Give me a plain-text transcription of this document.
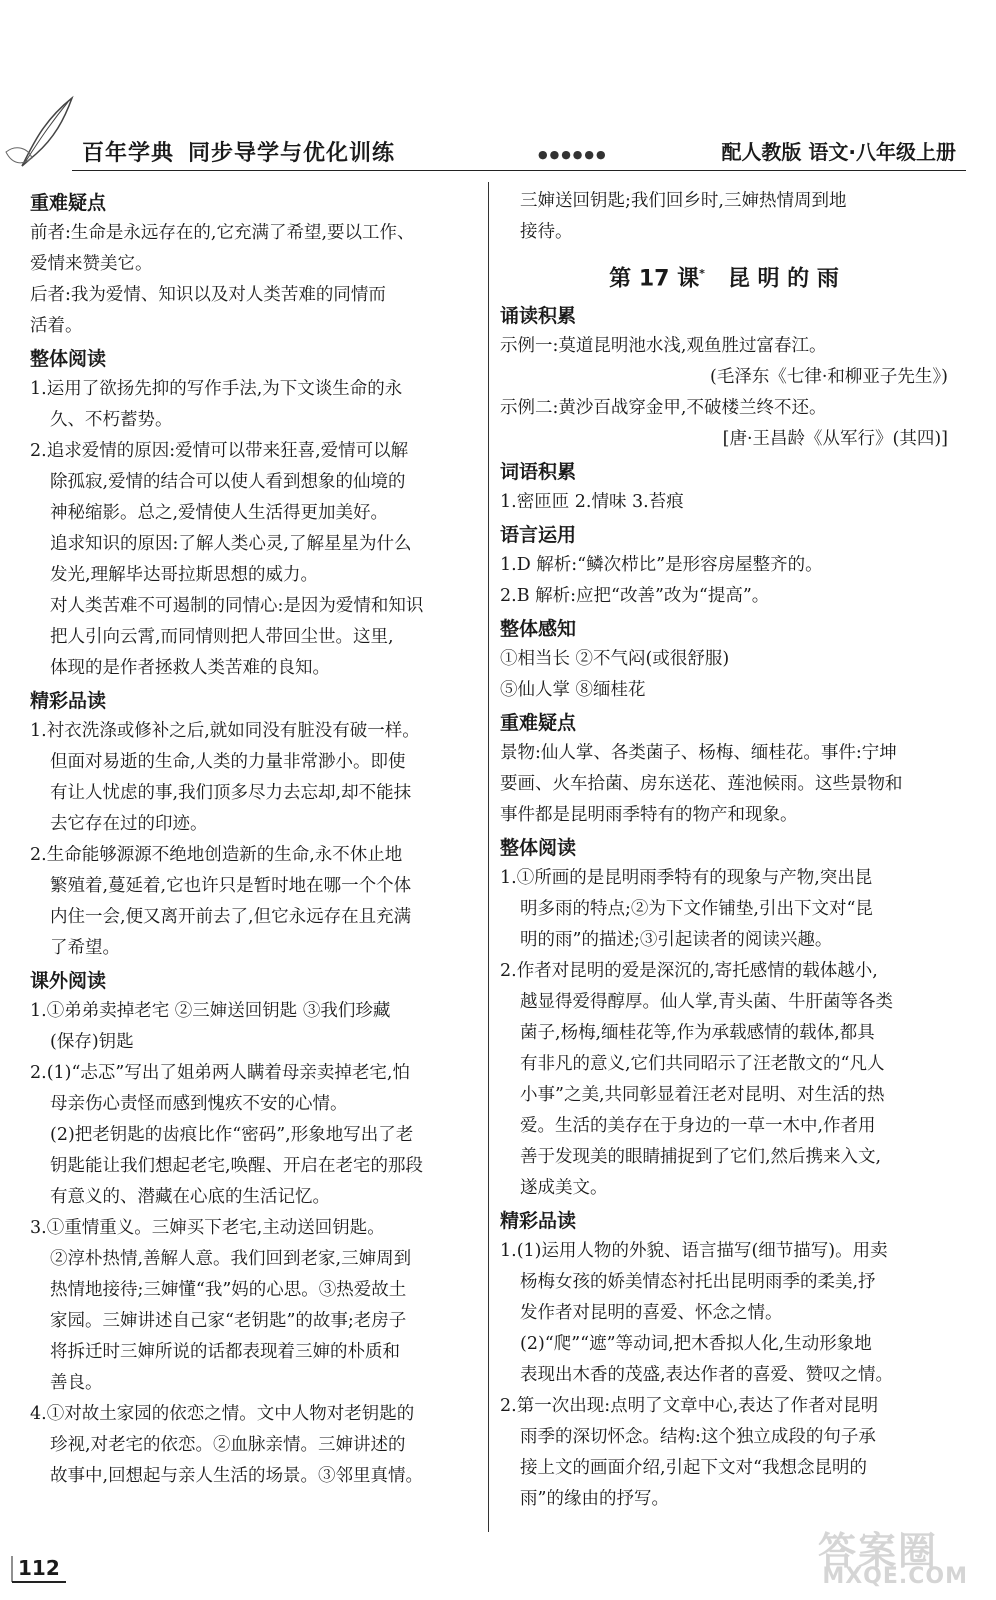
百年学典 同步导学与优化训练	●●●●●●	配人教版 语文·八年级上册
重难疑点
前者:生命是永远存在的,它充满了希望,要以工作、
爱情来赞美它。
后者:我为爱情、知识以及对人类苦难的同情而
活着。
整体阅读
1.运用了欲扬先抑的写作手法,为下文谈生命的永
久、不朽蓄势。
2.追求爱情的原因:爱情可以带来狂喜,爱情可以解
除孤寂,爱情的结合可以使人看到想象的仙境的
神秘缩影。总之,爱情使人生活得更加美好。
追求知识的原因:了解人类心灵,了解星星为什么
发光,理解毕达哥拉斯思想的威力。
对人类苦难不可遏制的同情心:是因为爱情和知识
把人引向云霄,而同情则把人带回尘世。这里,
体现的是作者拯救人类苦难的良知。
精彩品读
1.衬衣洗涤或修补之后,就如同没有脏没有破一样。
但面对易逝的生命,人类的力量非常渺小。即使
有让人忧虑的事,我们顶多尽力去忘却,却不能抹
去它存在过的印迹。
2.生命能够源源不绝地创造新的生命,永不休止地
繁殖着,蔓延着,它也许只是暂时地在哪一个个体
内住一会,便又离开前去了,但它永远存在且充满
了希望。
课外阅读
1.①弟弟卖掉老宅 ②三婶送回钥匙 ③我们珍藏
(保存)钥匙
2.(1)“忐忑”写出了姐弟两人瞒着母亲卖掉老宅,怕
母亲伤心责怪而感到愧疚不安的心情。
(2)把老钥匙的齿痕比作“密码”,形象地写出了老
钥匙能让我们想起老宅,唤醒、开启在老宅的那段
有意义的、潜藏在心底的生活记忆。
3.①重情重义。三婶买下老宅,主动送回钥匙。
②淳朴热情,善解人意。我们回到老家,三婶周到
热情地接待;三婶懂“我”妈的心思。③热爱故土
家园。三婶讲述自己家“老钥匙”的故事;老房子
将拆迁时三婶所说的话都表现着三婶的朴质和
善良。
4.①对故土家园的依恋之情。文中人物对老钥匙的
珍视,对老宅的依恋。②血脉亲情。三婶讲述的
故事中,回想起与亲人生活的场景。③邻里真情。
三婶送回钥匙;我们回乡时,三婶热情周到地
接待。
第 17 课* 昆 明 的 雨
诵读积累
示例一:莫道昆明池水浅,观鱼胜过富春江。
(毛泽东《七律·和柳亚子先生》)
示例二:黄沙百战穿金甲,不破楼兰终不还。
[唐·王昌龄《从军行》(其四)]
词语积累
1.密匝匝 2.情味 3.苔痕
语言运用
1.D 解析:“鳞次栉比”是形容房屋整齐的。
2.B 解析:应把“改善”改为“提高”。
整体感知
①相当长 ②不气闷(或很舒服)
⑤仙人掌 ⑧缅桂花
重难疑点
景物:仙人掌、各类菌子、杨梅、缅桂花。事件:宁坤
要画、火车拾菌、房东送花、莲池候雨。这些景物和
事件都是昆明雨季特有的物产和现象。
整体阅读
1.①所画的是昆明雨季特有的现象与产物,突出昆
明多雨的特点;②为下文作铺垫,引出下文对“昆
明的雨”的描述;③引起读者的阅读兴趣。
2.作者对昆明的爱是深沉的,寄托感情的载体越小,
越显得爱得醇厚。仙人掌,青头菌、牛肝菌等各类
菌子,杨梅,缅桂花等,作为承载感情的载体,都具
有非凡的意义,它们共同昭示了汪老散文的“凡人
小事”之美,共同彰显着汪老对昆明、对生活的热
爱。生活的美存在于身边的一草一木中,作者用
善于发现美的眼睛捕捉到了它们,然后携来入文,
遂成美文。
精彩品读
1.(1)运用人物的外貌、语言描写(细节描写)。用卖
杨梅女孩的娇美情态衬托出昆明雨季的柔美,抒
发作者对昆明的喜爱、怀念之情。
(2)“爬”“遮”等动词,把木香拟人化,生动形象地
表现出木香的茂盛,表达作者的喜爱、赞叹之情。
2.第一次出现:点明了文章中心,表达了作者对昆明
雨季的深切怀念。结构:这个独立成段的句子承
接上文的画面介绍,引起下文对“我想念昆明的
雨”的缘由的抒写。
112	答案圈
MXQE.COM
